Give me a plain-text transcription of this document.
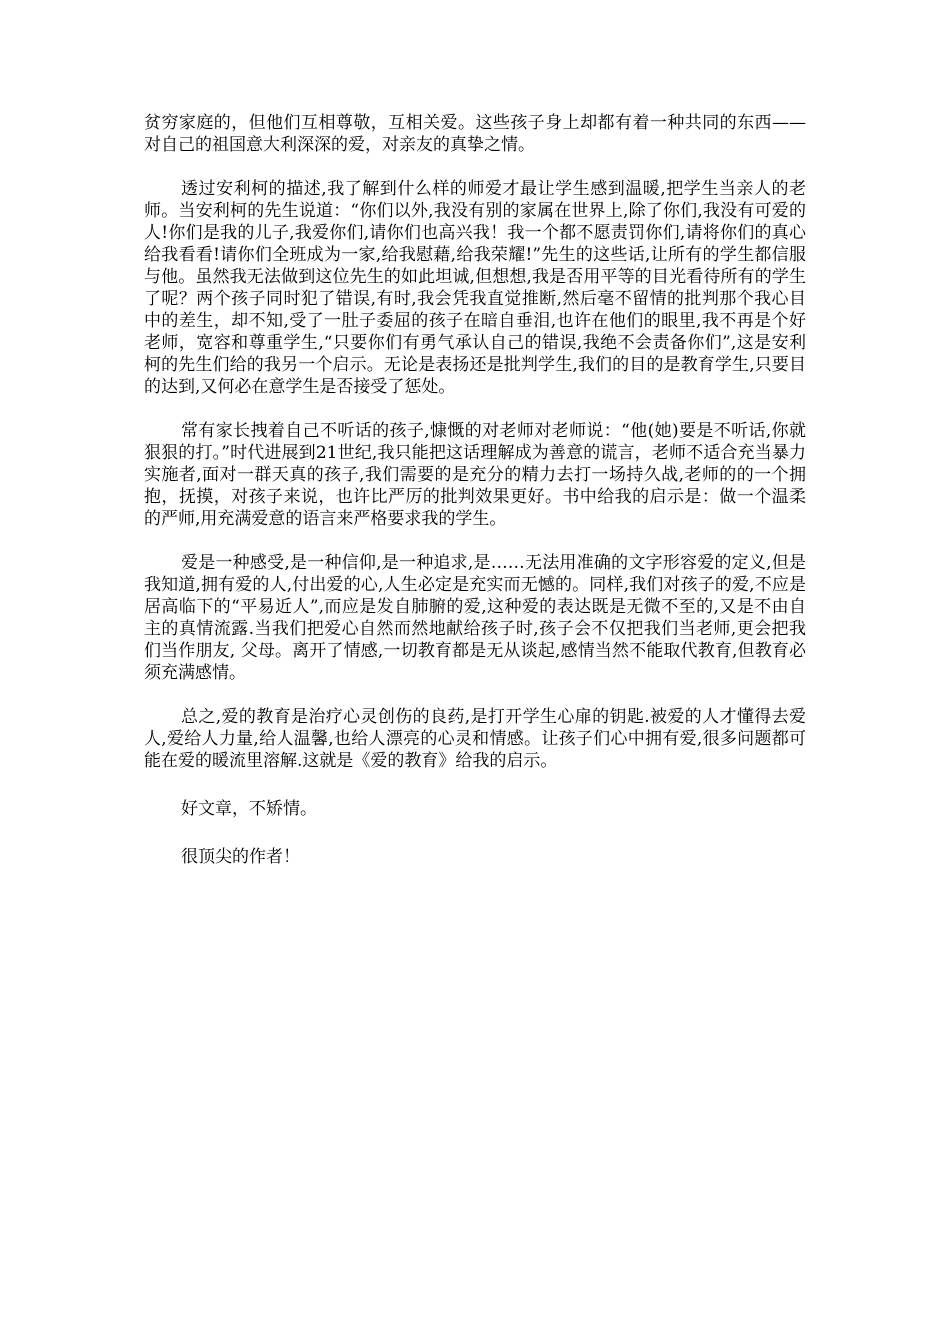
贫穷家庭的，但他们互相尊敬，互相关爱。这些孩子身上却都有着一种共同的东西——对自己的祖国意大利深深的爱，对亲友的真挚之情。

透过安利柯的描述,我了解到什么样的师爱才最让学生感到温暖,把学生当亲人的老师。当安利柯的先生说道：“你们以外,我没有别的家属在世界上,除了你们,我没有可爱的人!你们是我的儿子,我爱你们,请你们也高兴我！我一个都不愿责罚你们,请将你们的真心给我看看!请你们全班成为一家,给我慰藉,给我荣耀!”先生的这些话,让所有的学生都信服与他。虽然我无法做到这位先生的如此坦诚,但想想,我是否用平等的目光看待所有的学生了呢？两个孩子同时犯了错误,有时,我会凭我直觉推断,然后毫不留情的批判那个我心目中的差生，却不知,受了一肚子委屈的孩子在暗自垂泪,也许在他们的眼里,我不再是个好老师，宽容和尊重学生,“只要你们有勇气承认自己的错误,我绝不会责备你们”,这是安利柯的先生们给的我另一个启示。无论是表扬还是批判学生,我们的目的是教育学生,只要目的达到,又何必在意学生是否接受了惩处。

常有家长拽着自己不听话的孩子,慷慨的对老师对老师说：“他(她)要是不听话,你就狠狠的打。”时代进展到21世纪,我只能把这话理解成为善意的谎言，老师不适合充当暴力实施者,面对一群天真的孩子,我们需要的是充分的精力去打一场持久战,老师的的一个拥抱，抚摸，对孩子来说，也许比严厉的批判效果更好。书中给我的启示是：做一个温柔的严师,用充满爱意的语言来严格要求我的学生。

爱是一种感受,是一种信仰,是一种追求,是……无法用准确的文字形容爱的定义,但是我知道,拥有爱的人,付出爱的心,人生必定是充实而无憾的。同样,我们对孩子的爱,不应是居高临下的“平易近人”,而应是发自肺腑的爱,这种爱的表达既是无微不至的,又是不由自主的真情流露.当我们把爱心自然而然地献给孩子时,孩子会不仅把我们当老师,更会把我们当作朋友, 父母。离开了情感,一切教育都是无从谈起,感情当然不能取代教育,但教育必须充满感情。

总之,爱的教育是治疗心灵创伤的良药,是打开学生心扉的钥匙.被爱的人才懂得去爱人,爱给人力量,给人温馨,也给人漂亮的心灵和情感。让孩子们心中拥有爱,很多问题都可能在爱的暖流里溶解.这就是《爱的教育》给我的启示。

好文章，不矫情。

很顶尖的作者！
